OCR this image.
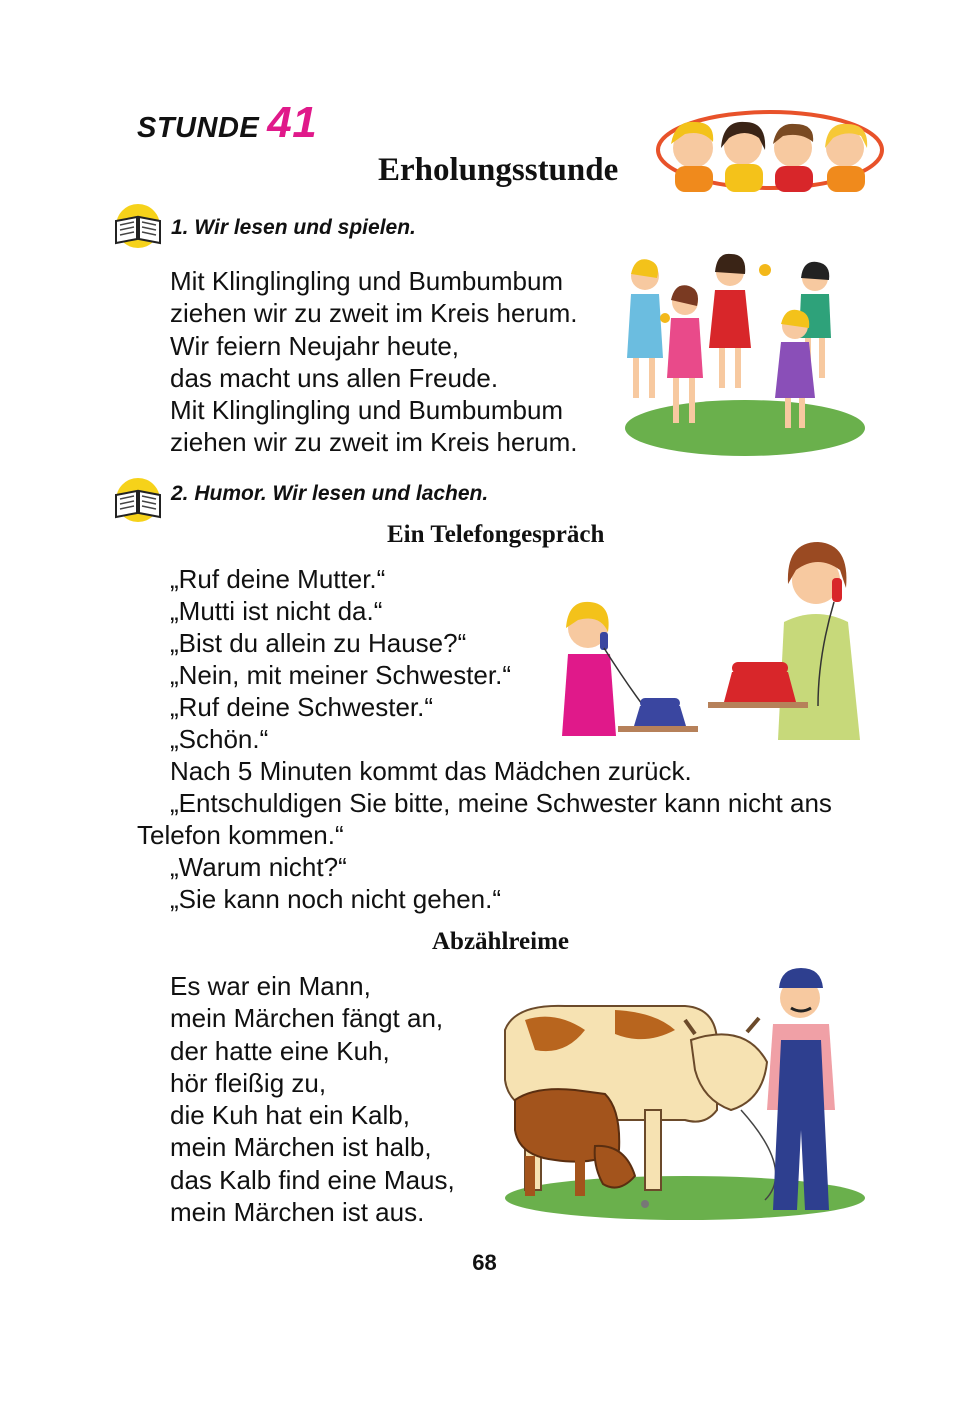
STUNDE 41
Erholungsstunde
1. Wir lesen und spielen.
Mit Klinglingling und Bumbumbum
ziehen wir zu zweit im Kreis herum.
Wir feiern Neujahr heute,
das macht uns allen Freude.
Mit Klinglingling und Bumbumbum
ziehen wir zu zweit im Kreis herum.
2. Humor. Wir lesen und lachen.
Ein Telefongespräch
„Ruf deine Mutter.“
„Mutti ist nicht da.“
„Bist du allein zu Hause?“
„Nein, mit meiner Schwester.“
„Ruf deine Schwester.“
„Schön.“
Nach 5 Minuten kommt das Mädchen zurück.
„Entschuldigen Sie bitte, meine Schwester kann nicht ans
Telefon kommen.“
„Warum nicht?“
„Sie kann noch nicht gehen.“
Abzählreime
Es war ein Mann,
mein Märchen fängt an,
der hatte eine Kuh,
hör fleißig zu,
die Kuh hat ein Kalb,
mein Märchen ist halb,
das Kalb find eine Maus,
mein Märchen ist aus.
68
